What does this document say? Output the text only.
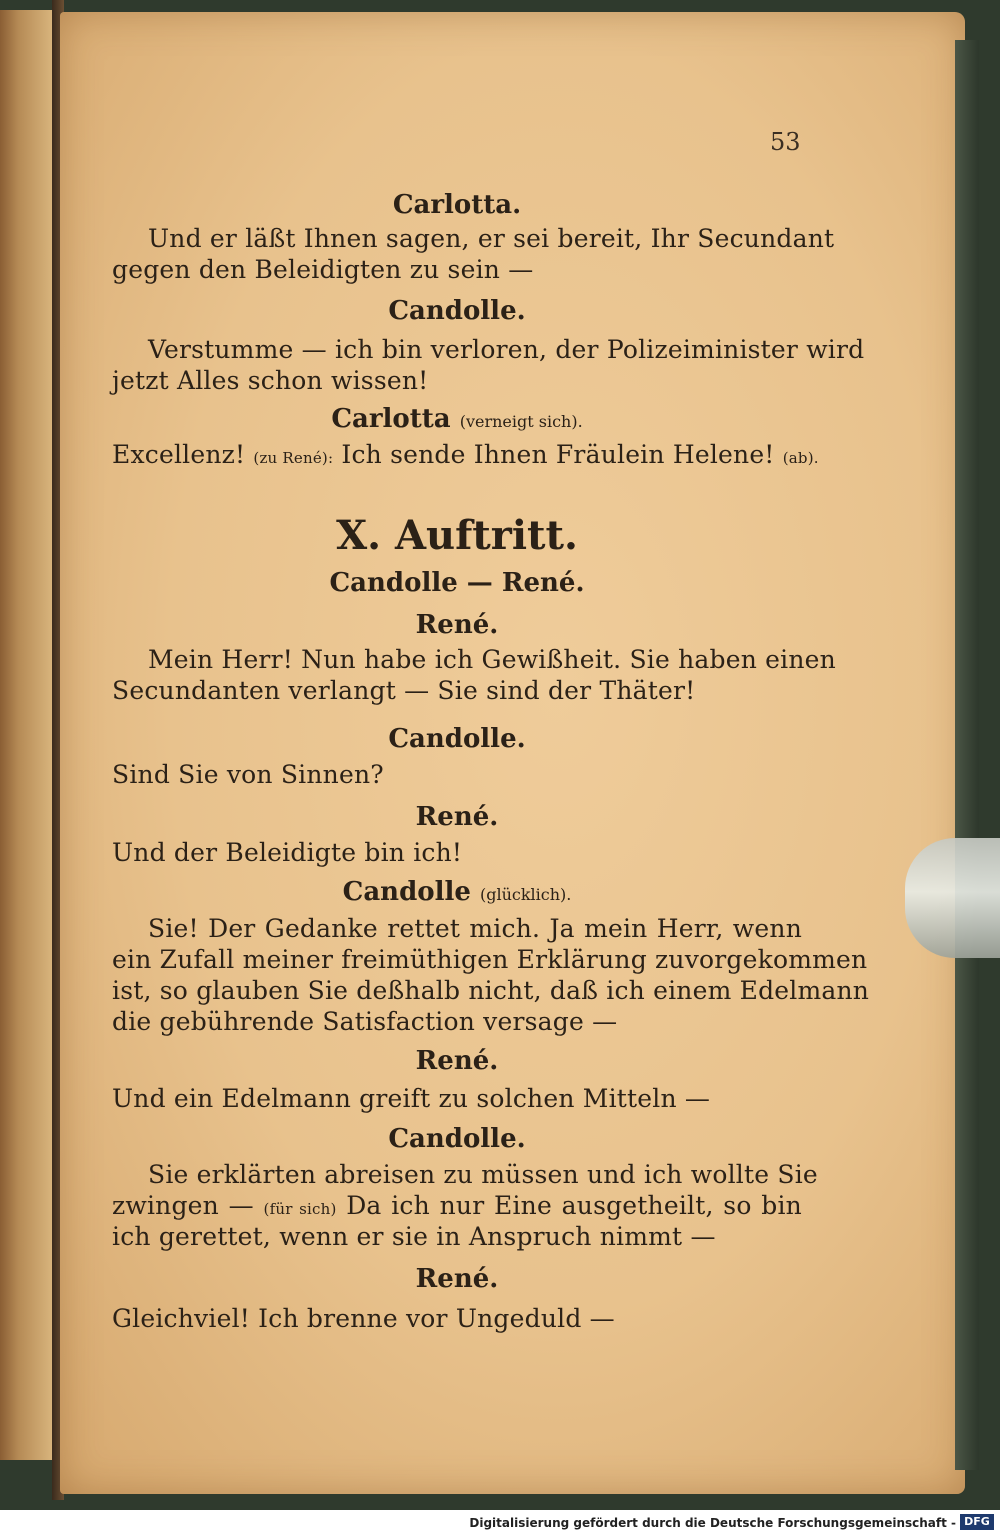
53
Carlotta.
Und er läßt Ihnen sagen, er sei bereit, Ihr Secundant
gegen den Beleidigten zu sein —
Candolle.
Verstumme — ich bin verloren, der Polizeiminister wird
jetzt Alles schon wissen!
Carlotta (verneigt sich).
Excellenz! (zu René): Ich sende Ihnen Fräulein Helene! (ab).
X. Auftritt.
Candolle — René.
René.
Mein Herr! Nun habe ich Gewißheit. Sie haben einen
Secundanten verlangt — Sie sind der Thäter!
Candolle.
Sind Sie von Sinnen?
René.
Und der Beleidigte bin ich!
Candolle (glücklich).
Sie! Der Gedanke rettet mich. Ja mein Herr, wenn
ein Zufall meiner freimüthigen Erklärung zuvorgekommen
ist, so glauben Sie deßhalb nicht, daß ich einem Edelmann
die gebührende Satisfaction versage —
René.
Und ein Edelmann greift zu solchen Mitteln —
Candolle.
Sie erklärten abreisen zu müssen und ich wollte Sie
zwingen — (für sich) Da ich nur Eine ausgetheilt, so bin
ich gerettet, wenn er sie in Anspruch nimmt —
René.
Gleichviel! Ich brenne vor Ungeduld —
Digitalisierung gefördert durch die Deutsche Forschungsgemeinschaft - DFG
